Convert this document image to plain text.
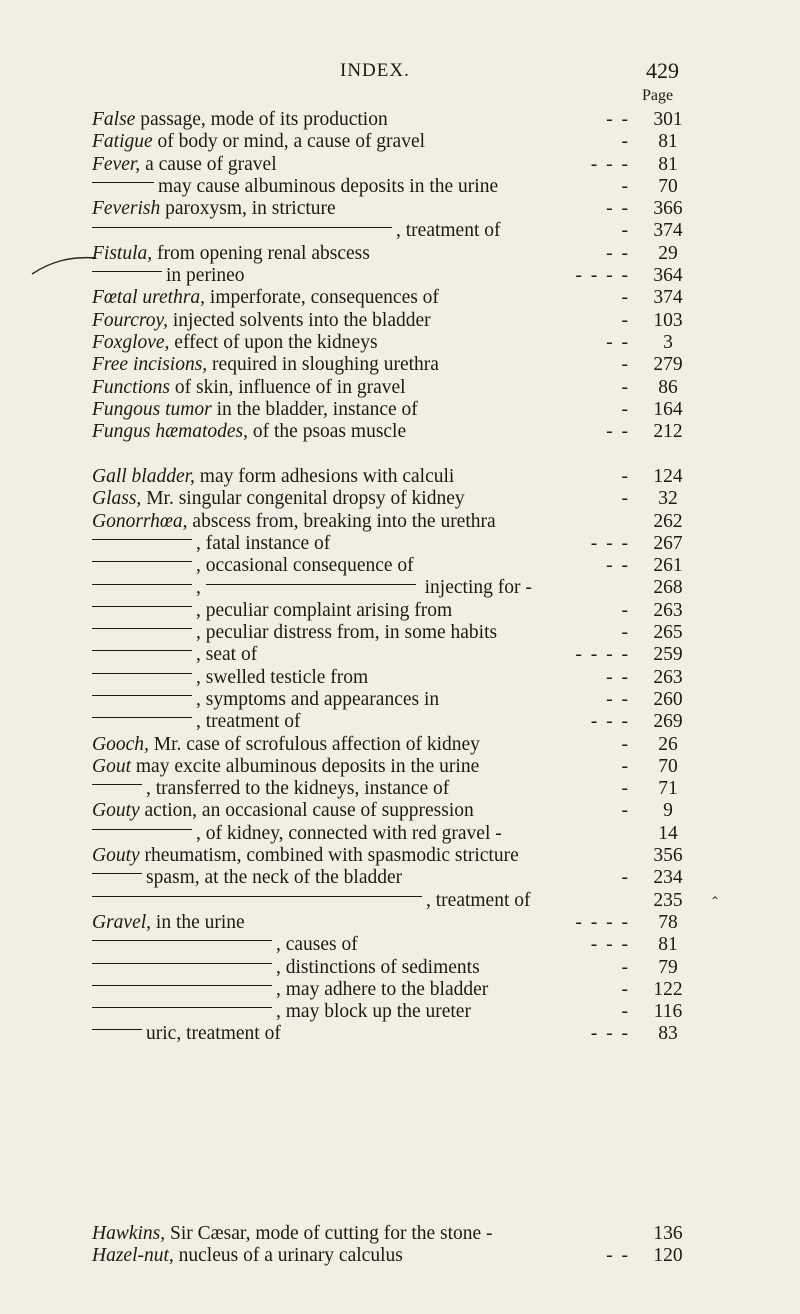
INDEX.	429
Page
False passage, mode of its production	- -	301
Fatigue of body or mind, a cause of gravel	-	81
Fever, a cause of gravel	- - -	81
may cause albuminous deposits in the urine	-	70
Feverish paroxysm, in stricture	- -	366
, treatment of	-	374
Fistula, from opening renal abscess	- -	29
in perineo	- - - -	364
Fœtal urethra, imperforate, consequences of	-	374
Fourcroy, injected solvents into the bladder	-	103
Foxglove, effect of upon the kidneys	- -	3
Free incisions, required in sloughing urethra	-	279
Functions of skin, influence of in gravel	-	86
Fungous tumor in the bladder, instance of	-	164
Fungus hæmatodes, of the psoas muscle	- -	212
Gall bladder, may form adhesions with calculi	-	124
Glass, Mr. singular congenital dropsy of kidney	-	32
Gonorrhœa, abscess from, breaking into the urethra	262
, fatal instance of	- - -	267
, occasional consequence of	- -	261
,	injecting for -	268
, peculiar complaint arising from	-	263
, peculiar distress from, in some habits	-	265
, seat of	- - - -	259
, swelled testicle from	- -	263
, symptoms and appearances in	- -	260
, treatment of	- - -	269
Gooch, Mr. case of scrofulous affection of kidney	-	26
Gout may excite albuminous deposits in the urine	-	70
, transferred to the kidneys, instance of	-	71
Gouty action, an occasional cause of suppression	-	9
, of kidney, connected with red gravel -	14
Gouty rheumatism, combined with spasmodic stricture	356
spasm, at the neck of the bladder	-	234
, treatment of	235
Gravel, in the urine	- - - -	78
, causes of	- - -	81
, distinctions of sediments	-	79
, may adhere to the bladder	-	122
, may block up the ureter	-	116
uric, treatment of	- - -	83
Hawkins, Sir Cæsar, mode of cutting for the stone -	136
Hazel-nut, nucleus of a urinary calculus	- -	120
⌃
